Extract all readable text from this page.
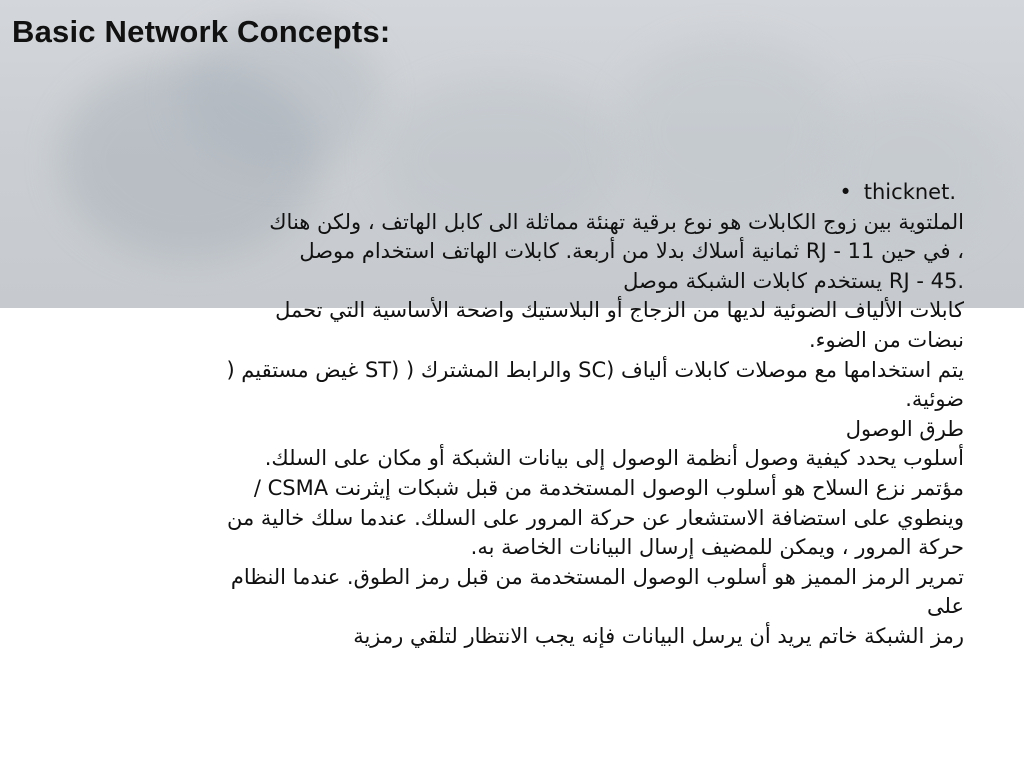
Basic Network Concepts:
• thicknet.

الملتوية بين زوج الكابلات هو نوع برقية تهنئة مماثلة الى كابل الهاتف ، ولكن هناك

، في حين RJ - 11 ثمانية أسلاك بدلا من أربعة. كابلات الهاتف استخدام موصل

.RJ - 45 يستخدم كابلات الشبكة موصل

كابلات الألياف الضوئية لديها من الزجاج أو البلاستيك واضحة الأساسية التي تحمل

نبضات من الضوء.

يتم استخدامها مع موصلات كابلات ألياف (SC والرابط المشترك ( (ST غيض مستقيم (

ضوئية.

طرق الوصول

أسلوب يحدد كيفية وصول أنظمة الوصول إلى بيانات الشبكة أو مكان على السلك.

مؤتمر نزع السلاح هو أسلوب الوصول المستخدمة من قبل شبكات إيثرنت CSMA /

وينطوي على استضافة الاستشعار عن حركة المرور على السلك. عندما سلك خالية من

حركة المرور ، ويمكن للمضيف إرسال البيانات الخاصة به.

تمرير الرمز المميز هو أسلوب الوصول المستخدمة من قبل رمز الطوق. عندما النظام

على

رمز الشبكة خاتم يريد أن يرسل البيانات فإنه يجب الانتظار لتلقي رمزية
